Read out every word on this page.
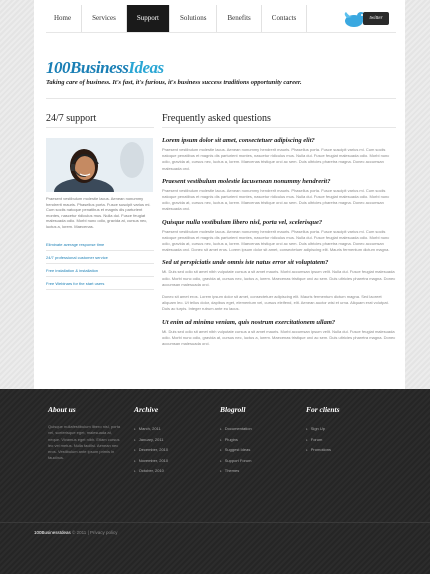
Home	Services	Support	Solutions	Benefits	Contacts	twitter
100BusinessIdeas
Taking care of business. It's fast, it's furious, it's business success traditions opportunity career.
24/7 support	Frequently asked questions
Praesent vestibulum molestie lacus. Aenean nonummy hendrerit mauris. Phasellus porta. Fusce suscipit varius mi. Cum sociis natoque penatibus et magnis dis parturient montes, nascetur ridiculus mus. Nulla dui. Fusce feugiat malesuada odio. Morbi nunc odio, gravida at, cursus nec, luctus a, lorem. Maecenas.
Eliminate average response time
24/7 professional customer service
Free installation & installation
Free Webinars for the start users
Lorem ipsum dolor sit amet, consectetuer adipiscing elit?
Praesent vestibulum molestie lacus. Aenean nonummy hendrerit mauris. Phasellus porta. Fusce suscipit varius mi. Cum sociis natoque penatibus et magnis dis parturient montes, nascetur ridiculus mus. Nulla dui. Fusce feugiat malesuada odio. Morbi nunc odio, gravida at, cursus nec, luctus a, lorem. Maecenas tristique orci ac sem. Duis ultricies pharetra magna. Donec accumsan malesuada orci.
Praesent vestibulum molestie lacusenean nonummy hendrerit?
Praesent vestibulum molestie lacus. Aenean nonummy hendrerit mauris. Phasellus porta. Fusce suscipit varius mi. Cum sociis natoque penatibus et magnis dis parturient montes, nascetur ridiculus mus. Nulla dui. Fusce feugiat malesuada odio. Morbi nunc odio, gravida at, cursus nec, luctus a, lorem. Maecenas tristique orci ac sem. Duis ultricies pharetra magna. Donec accumsan malesuada orci.
Quisque nulla vestibulum libero nisl, porta vel, scelerisque?
Praesent vestibulum molestie lacus. Aenean nonummy hendrerit mauris. Phasellus porta. Fusce suscipit varius mi. Cum sociis natoque penatibus et magnis dis parturient montes, nascetur ridiculus mus. Nulla dui. Fusce feugiat malesuada odio. Morbi nunc odio, gravida at, cursus nec, luctus a, lorem. Maecenas tristique orci ac sem. Duis ultricies pharetra magna. Donec accumsan malesuada orci. Donec sit amet eros. Lorem ipsum dolor sit amet, consectetuer adipiscing elit. Mauris fermentum dictum magna.
Sed ut perspiciatis unde omnis iste natus error sit voluptatem?
Mi. Duis sed odio sit amet nibh vulputate cursus a sit amet mauris. Morbi accumsan ipsum velit. Nulla dui. Fusce feugiat malesuada odio. Morbi nunc odio, gravida at, cursus nec, luctus a, lorem. Maecenas tristique orci ac sem. Duis ultricies pharetra magna. Donec accumsan malesuada orci.
Donec sit amet eros. Lorem ipsum dolor sit amet, consectetuer adipiscing elit. Mauris fermentum dictum magna. Sed laoreet aliquam leo. Ut tellus dolor, dapibus eget, elementum vel, cursus eleifend, elit. Aenean auctor wisi et urna. Aliquam erat volutpat. Duis ac turpis. Integer rutrum ante eu lacus.
Ut enim ad minima veniam, quis nostrum exercitationem ullam?
Mi. Duis sed odio sit amet nibh vulputate cursus a sit amet mauris. Morbi accumsan ipsum velit. Nulla dui. Fusce feugiat malesuada odio. Morbi nunc odio, gravida at, cursus nec, luctus a, lorem. Maecenas tristique orci ac sem. Duis ultricies pharetra magna. Donec accumsan malesuada orci.
About us
Quisque nullafestibulum libero nisl, porta vel, scelerisque eget, malesuada at, neque. Vivamus eget nibh. Etiam cursus leo vel metus. Nulla facilisi. Aenean nec eros. Vestibulum ante ipsum primis in faucibus.
Archive
▸ March, 2011
▸ January, 2011
▸ December, 2010
▸ November, 2010
▸ October, 2010
Blogroll
▸ Documentation
▸ Plugins
▸ Suggest Ideas
▸ Support Forum
▸ Themes
For clients
▸ Sign Up
▸ Forum
▸ Promotions
100BusinessIdeas © 2011 | Privacy policy
